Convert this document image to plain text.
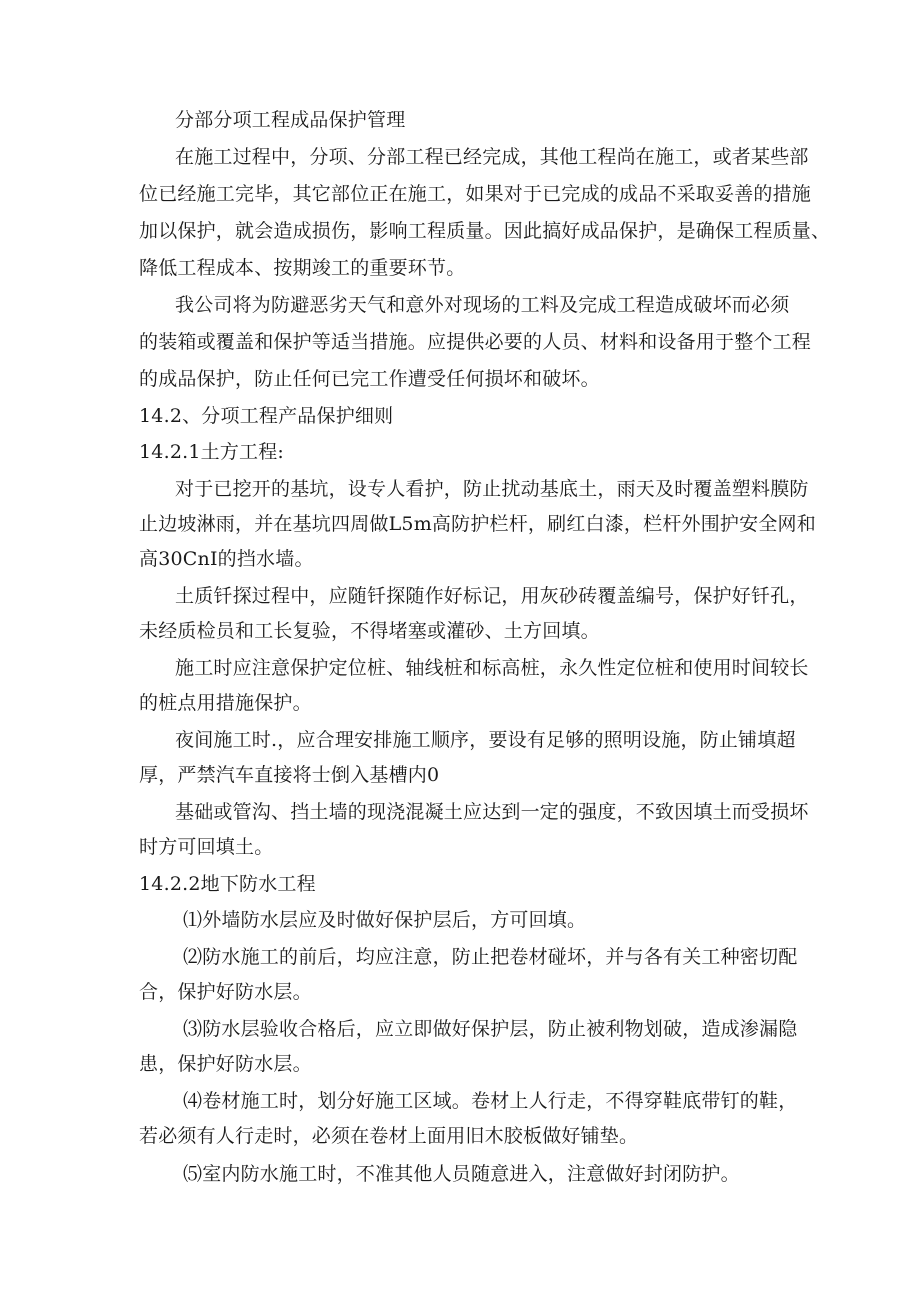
分部分项工程成品保护管理

在施工过程中，分项、分部工程已经完成，其他工程尚在施工，或者某些部

位已经施工完毕，其它部位正在施工，如果对于已完成的成品不采取妥善的措施

加以保护，就会造成损伤，影响工程质量。因此搞好成品保护，是确保工程质量、

降低工程成本、按期竣工的重要环节。

我公司将为防避恶劣天气和意外对现场的工料及完成工程造成破坏而必须

的装箱或覆盖和保护等适当措施。应提供必要的人员、材料和设备用于整个工程

的成品保护，防止任何已完工作遭受任何损坏和破坏。

14.2、分项工程产品保护细则

14.2.1土方工程:

对于已挖开的基坑，设专人看护，防止扰动基底土，雨天及时覆盖塑料膜防

止边坡淋雨，并在基坑四周做L5m高防护栏杆，刷红白漆，栏杆外围护安全网和

高30CnI的挡水墙。

土质钎探过程中，应随钎探随作好标记，用灰砂砖覆盖编号，保护好钎孔，

未经质检员和工长复验，不得堵塞或灌砂、土方回填。

施工时应注意保护定位桩、轴线桩和标高桩，永久性定位桩和使用时间较长

的桩点用措施保护。

夜间施工时.，应合理安排施工顺序，要设有足够的照明设施，防止铺填超

厚，严禁汽车直接将士倒入基槽内0

基础或管沟、挡土墙的现浇混凝土应达到一定的强度，不致因填土而受损坏

时方可回填土。

14.2.2地下防水工程

⑴外墙防水层应及时做好保护层后，方可回填。

⑵防水施工的前后，均应注意，防止把卷材碰坏，并与各有关工种密切配

合，保护好防水层。

⑶防水层验收合格后，应立即做好保护层，防止被利物划破，造成渗漏隐

患，保护好防水层。

⑷卷材施工时，划分好施工区域。卷材上人行走，不得穿鞋底带钉的鞋，

若必须有人行走时，必须在卷材上面用旧木胶板做好铺垫。

⑸室内防水施工时，不准其他人员随意进入，注意做好封闭防护。
